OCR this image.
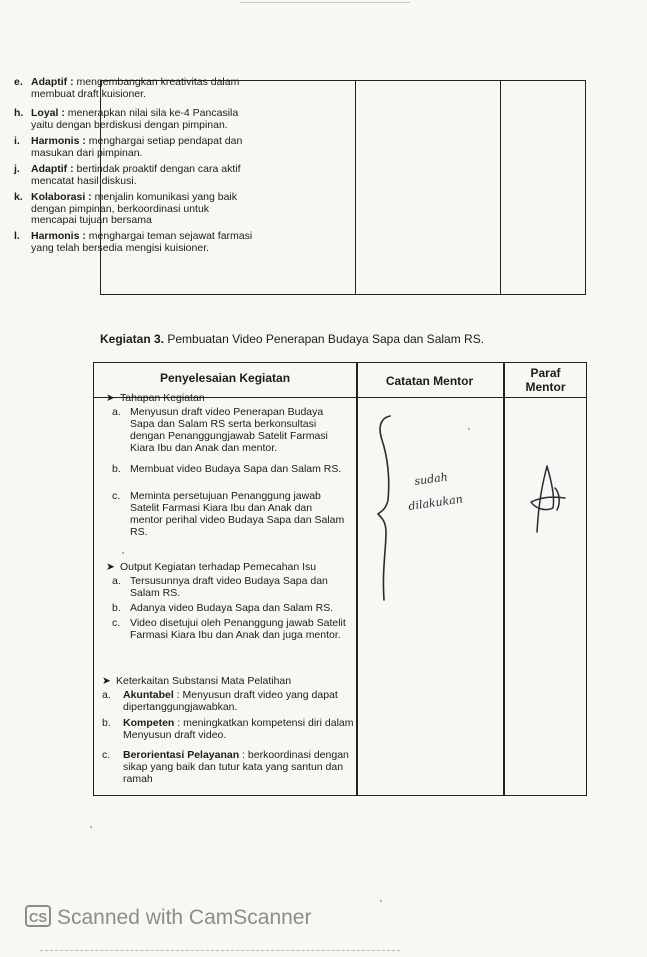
e. Adaptif : mengembangkan kreativitas dalam membuat draft kuisioner.
h. Loyal : menerapkan nilai sila ke-4 Pancasila yaitu dengan berdiskusi dengan pimpinan.
i. Harmonis : menghargai setiap pendapat dan masukan dari pimpinan.
j. Adaptif : bertindak proaktif dengan cara aktif mencatat hasil diskusi.
k. Kolaborasi : menjalin komunikasi yang baik dengan pimpinan, berkoordinasi untuk mencapai tujuan bersama
l. Harmonis : menghargai teman sejawat farmasi yang telah bersedia mengisi kuisioner.
Kegiatan 3. Pembuatan Video Penerapan Budaya Sapa dan Salam RS.
Penyelesaian Kegiatan	Catatan Mentor
Paraf
Mentor
➤ Tahapan Kegiatan
a. Menyusun draft video Penerapan Budaya Sapa dan Salam RS serta berkonsultasi dengan Penanggungjawab Satelit Farmasi Kiara Ibu dan Anak dan mentor.
b. Membuat video Budaya Sapa dan Salam RS.
c. Meminta persetujuan Penanggung jawab Satelit Farmasi Kiara Ibu dan Anak dan mentor perihal video Budaya Sapa dan Salam RS.
➤ Output Kegiatan terhadap Pemecahan Isu
a. Tersusunnya draft video Budaya Sapa dan Salam RS.
b. Adanya video Budaya Sapa dan Salam RS.
c. Video disetujui oleh Penanggung jawab Satelit Farmasi Kiara Ibu dan Anak dan juga mentor.
➤ Keterkaitan Substansi Mata Pelatihan
a. Akuntabel : Menyusun draft video yang dapat dipertanggungjawabkan.
b. Kompeten : meningkatkan kompetensi diri dalam Menyusun draft video.
c. Berorientasi Pelayanan : berkoordinasi dengan sikap yang baik dan tutur kata yang santun dan ramah
sudah
dilakukan
CS Scanned with CamScanner
